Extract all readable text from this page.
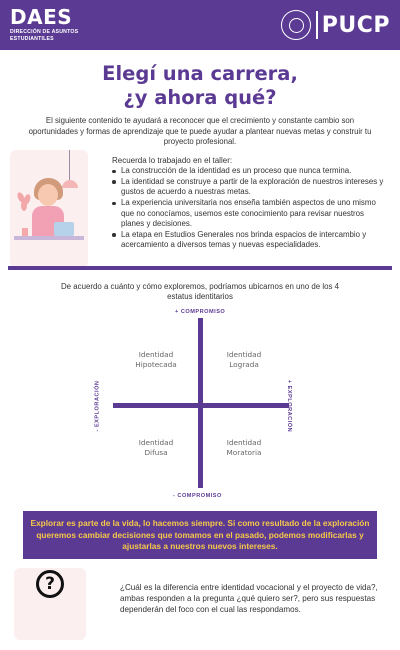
DAES
DIRECCIÓN DE ASUNTOS
ESTUDIANTILES
PUCP
Elegí una carrera,
¿y ahora qué?

El siguiente contenido te ayudará a reconocer que el crecimiento y constante cambio son oportunidades y formas de aprendizaje que te puede ayudar a plantear nuevas metas y construir tu proyecto profesional.

Recuerda lo trabajado en el taller:
La construcción de la identidad es un proceso que nunca termina.
La identidad se construye a partir de la exploración de nuestros intereses y gustos de acuerdo a nuestras metas.
La experiencia universitaria nos enseña también aspectos de uno mismo que no conocíamos, usemos este conocimiento para revisar nuestros planes y decisiones.
La etapa en Estudios Generales nos brinda espacios de intercambio y acercamiento a diversos temas y nuevas especialidades.

De acuerdo a cuánto y cómo exploremos, podríamos ubicarnos en uno de los 4 estatus identitarios

+ COMPROMISO
- COMPROMISO
- EXPLORACIÓN	+ EXPLORACIÓN
Identidad
Hipotecada
Identidad
Lograda
Identidad
Difusa
Identidad
Moratoria
Explorar es parte de la vida, lo hacemos siempre. Si como resultado de la exploración queremos cambiar decisiones que tomamos en el pasado, podemos modificarlas y ajustarlas a nuestros nuevos intereses.
?	¿Cuál es la diferencia entre identidad vocacional y el proyecto de vida?, ambas responden a la pregunta ¿qué quiero ser?, pero sus respuestas dependerán del foco con el cual las respondamos.
